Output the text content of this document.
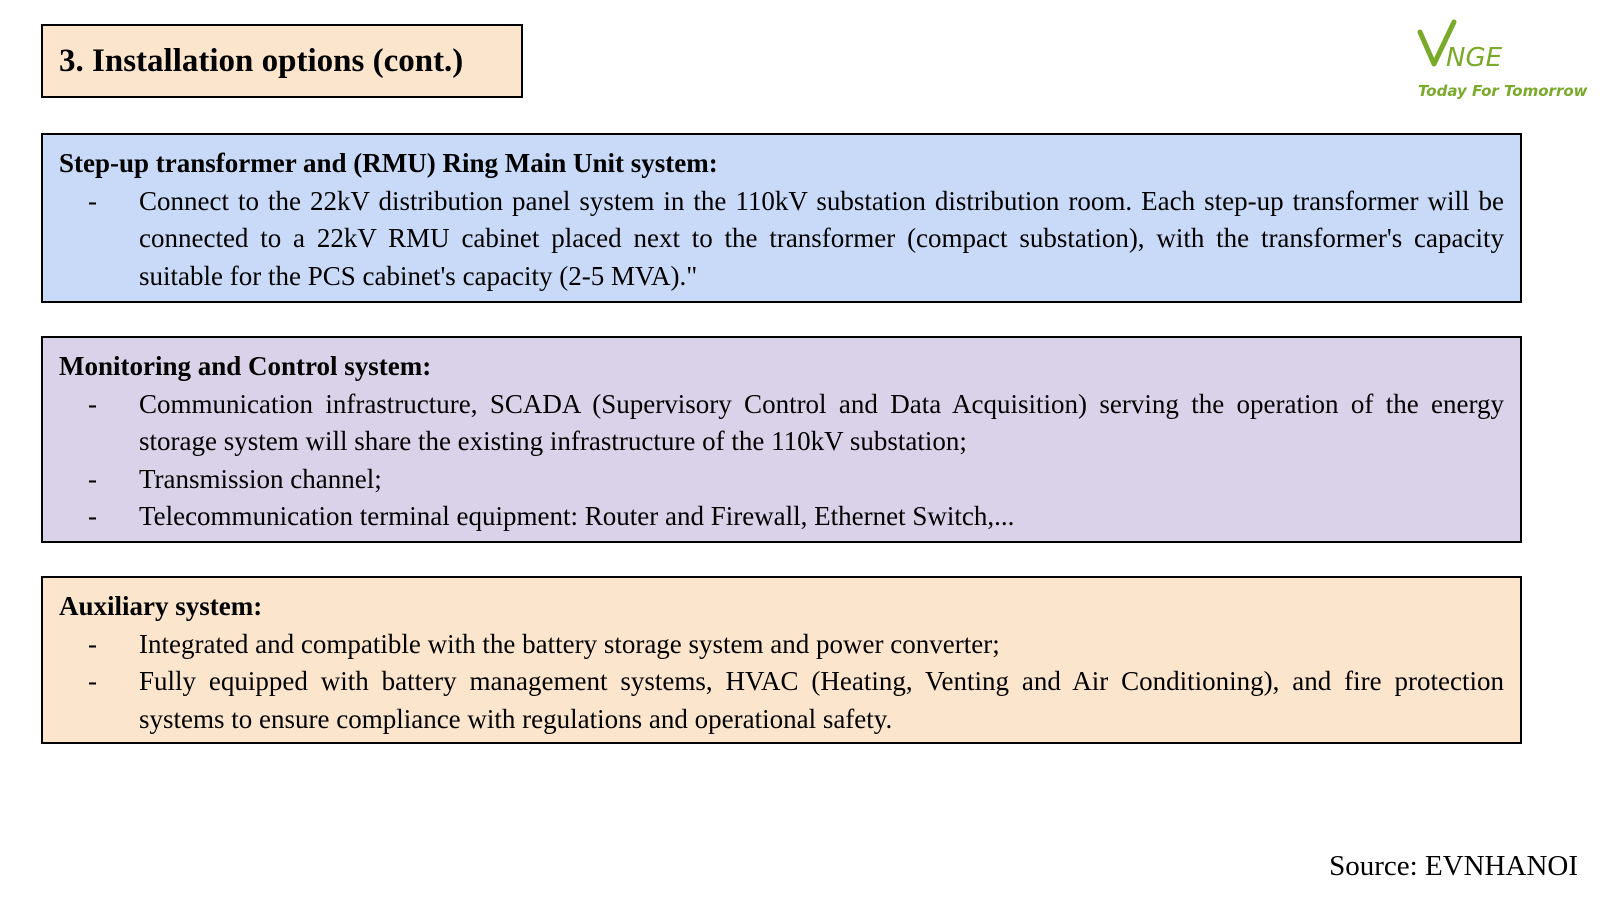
3. Installation options (cont.)	NGE
Today For Tomorrow

Step-up transformer and (RMU) Ring Main Unit system:

- Connect to the 22kV distribution panel system in the 110kV substation distribution room. Each step-up transformer will be connected to a 22kV RMU cabinet placed next to the transformer (compact substation), with the transformer's capacity suitable for the PCS cabinet's capacity (2-5 MVA)."

Monitoring and Control system:

- Communication infrastructure, SCADA (Supervisory Control and Data Acquisition) serving the operation of the energy storage system will share the existing infrastructure of the 110kV substation;
- Transmission channel;
- Telecommunication terminal equipment: Router and Firewall, Ethernet Switch,...

Auxiliary system:

- Integrated and compatible with the battery storage system and power converter;
- Fully equipped with battery management systems, HVAC (Heating, Venting and Air Conditioning), and fire protection systems to ensure compliance with regulations and operational safety.
Source: EVNHANOI
